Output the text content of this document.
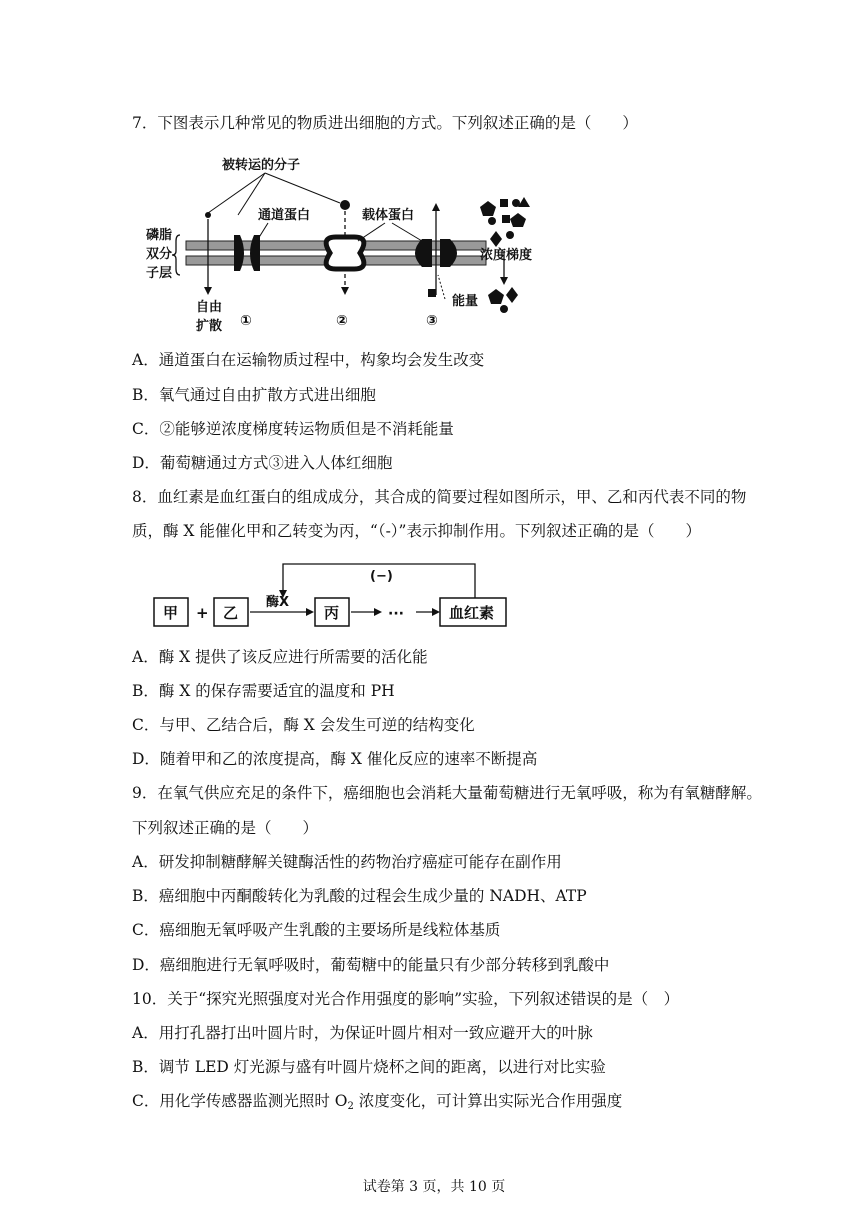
7．下图表示几种常见的物质进出细胞的方式。下列叙述正确的是（　　）
被转运的分子
磷脂
双分
子层
自由
扩散
通道蛋白
①	②
载体蛋白
能量
③
浓度梯度
A．通道蛋白在运输物质过程中，构象均会发生改变
B．氧气通过自由扩散方式进出细胞
C．②能够逆浓度梯度转运物质但是不消耗能量
D．葡萄糖通过方式③进入人体红细胞
8．血红素是血红蛋白的组成成分，其合成的简要过程如图所示，甲、乙和丙代表不同的物
质，酶 X 能催化甲和乙转变为丙，“（-）”表示抑制作用。下列叙述正确的是（　　）
(−)
甲 + 乙
酶X
丙	···	血红素
A．酶 X 提供了该反应进行所需要的活化能
B．酶 X 的保存需要适宜的温度和 PH
C．与甲、乙结合后，酶 X 会发生可逆的结构变化
D．随着甲和乙的浓度提高，酶 X 催化反应的速率不断提高
9．在氧气供应充足的条件下，癌细胞也会消耗大量葡萄糖进行无氧呼吸，称为有氧糖酵解。
下列叙述正确的是（　　）
A．研发抑制糖酵解关键酶活性的药物治疗癌症可能存在副作用
B．癌细胞中丙酮酸转化为乳酸的过程会生成少量的 NADH、ATP
C．癌细胞无氧呼吸产生乳酸的主要场所是线粒体基质
D．癌细胞进行无氧呼吸时，葡萄糖中的能量只有少部分转移到乳酸中
10．关于“探究光照强度对光合作用强度的影响”实验，下列叙述错误的是（　）
A．用打孔器打出叶圆片时，为保证叶圆片相对一致应避开大的叶脉
B．调节 LED 灯光源与盛有叶圆片烧杯之间的距离，以进行对比实验
C．用化学传感器监测光照时 $O_2$ 浓度变化，可计算出实际光合作用强度
试卷第 3 页，共 10 页
